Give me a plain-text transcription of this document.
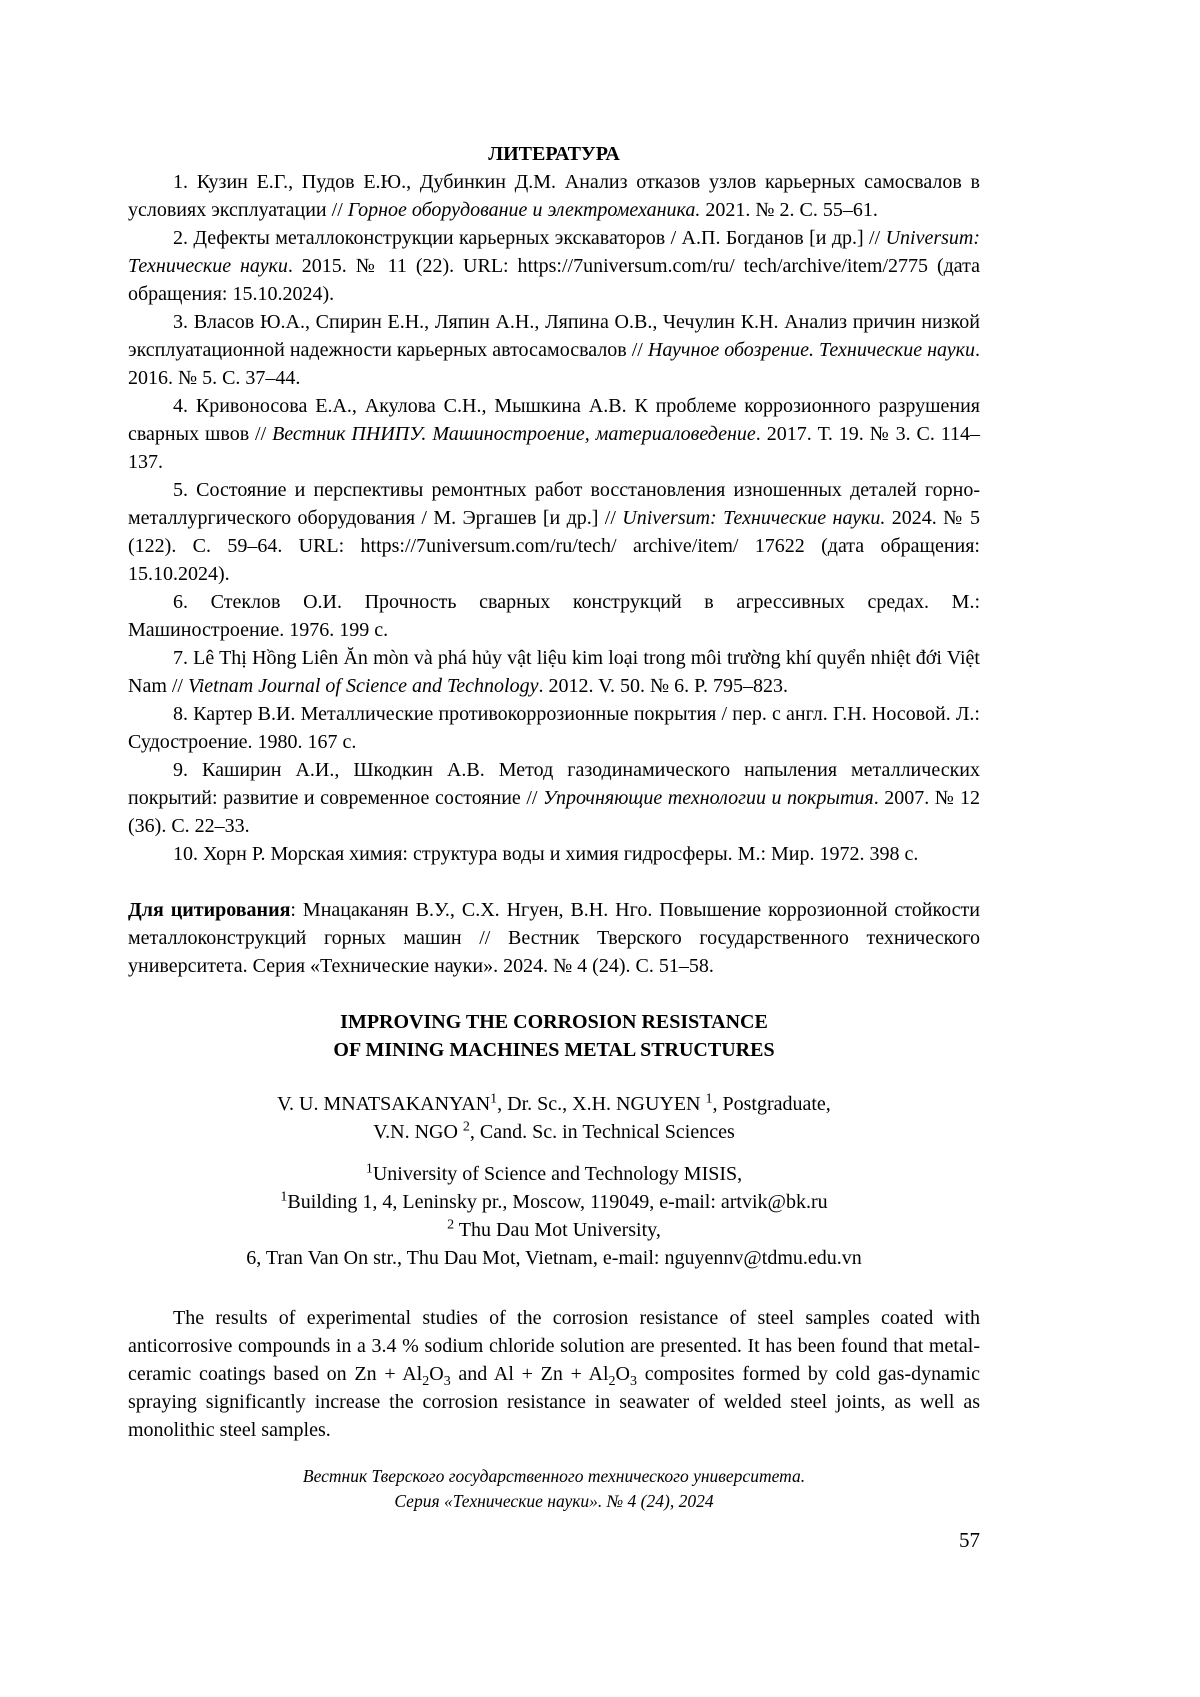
ЛИТЕРАТУРА

1. Кузин Е.Г., Пудов Е.Ю., Дубинкин Д.М. Анализ отказов узлов карьерных самосвалов в условиях эксплуатации // Горное оборудование и электромеханика. 2021. № 2. С. 55–61.

2. Дефекты металлоконструкции карьерных экскаваторов / А.П. Богданов [и др.] // Universum: Технические науки. 2015. № 11 (22). URL: https://7universum.com/ru/ tech/archive/item/2775 (дата обращения: 15.10.2024).

3. Власов Ю.А., Спирин Е.Н., Ляпин А.Н., Ляпина О.В., Чечулин К.Н. Анализ причин низкой эксплуатационной надежности карьерных автосамосвалов // Научное обозрение. Технические науки. 2016. № 5. С. 37–44.

4. Кривоносова Е.А., Акулова С.Н., Мышкина А.В. К проблеме коррозионного разрушения сварных швов // Вестник ПНИПУ. Машиностроение, материаловедение. 2017. Т. 19. № 3. С. 114–137.

5. Состояние и перспективы ремонтных работ восстановления изношенных деталей горно-металлургического оборудования / М. Эргашев [и др.] // Universum: Технические науки. 2024. № 5 (122). С. 59–64. URL: https://7universum.com/ru/tech/ archive/item/ 17622 (дата обращения: 15.10.2024).

6. Стеклов О.И. Прочность сварных конструкций в агрессивных средах. М.: Машиностроение. 1976. 199 с.

7. Lê Thị Hồng Liên Ăn mòn và phá hủy vật liệu kim loại trong môi trường khí quyển nhiệt đới Việt Nam // Vietnam Journal of Science and Technology. 2012. V. 50. № 6. P. 795–823.

8. Картер В.И. Металлические противокоррозионные покрытия / пер. с англ. Г.Н. Носовой. Л.: Судостроение. 1980. 167 с.

9. Каширин А.И., Шкодкин А.В. Метод газодинамического напыления металлических покрытий: развитие и современное состояние // Упрочняющие технологии и покрытия. 2007. № 12 (36). С. 22–33.

10. Хорн Р. Морская химия: структура воды и химия гидросферы. М.: Мир. 1972. 398 с.

Для цитирования: Мнацаканян В.У., С.Х. Нгуен, В.Н. Нго. Повышение коррозионной стойкости металлоконструкций горных машин // Вестник Тверского государственного технического университета. Серия «Технические науки». 2024. № 4 (24). С. 51–58.

IMPROVING THE CORROSION RESISTANCE
OF MINING MACHINES METAL STRUCTURES
V. U. MNATSAKANYAN$^1$, Dr. Sc., X.H. NGUYEN $^1$, Postgraduate,
V.N. NGO $^2$, Cand. Sc. in Technical Sciences
$^1$University of Science and Technology MISIS,
$^1$Building 1, 4, Leninsky pr., Moscow, 119049, e-mail: artvik@bk.ru
$^2$ Thu Dau Mot University,
6, Tran Van On str., Thu Dau Mot, Vietnam, e-mail: nguyennv@tdmu.edu.vn

The results of experimental studies of the corrosion resistance of steel samples coated with anticorrosive compounds in a 3.4 % sodium chloride solution are presented. It has been found that metal-ceramic coatings based on $Zn + Al_2O_3$ and $Al + Zn + Al_2O_3$ composites formed by cold gas-dynamic spraying significantly increase the corrosion resistance in seawater of welded steel joints, as well as monolithic steel samples.

Вестник Тверского государственного технического университета.
Серия «Технические науки». № 4 (24), 2024
57
